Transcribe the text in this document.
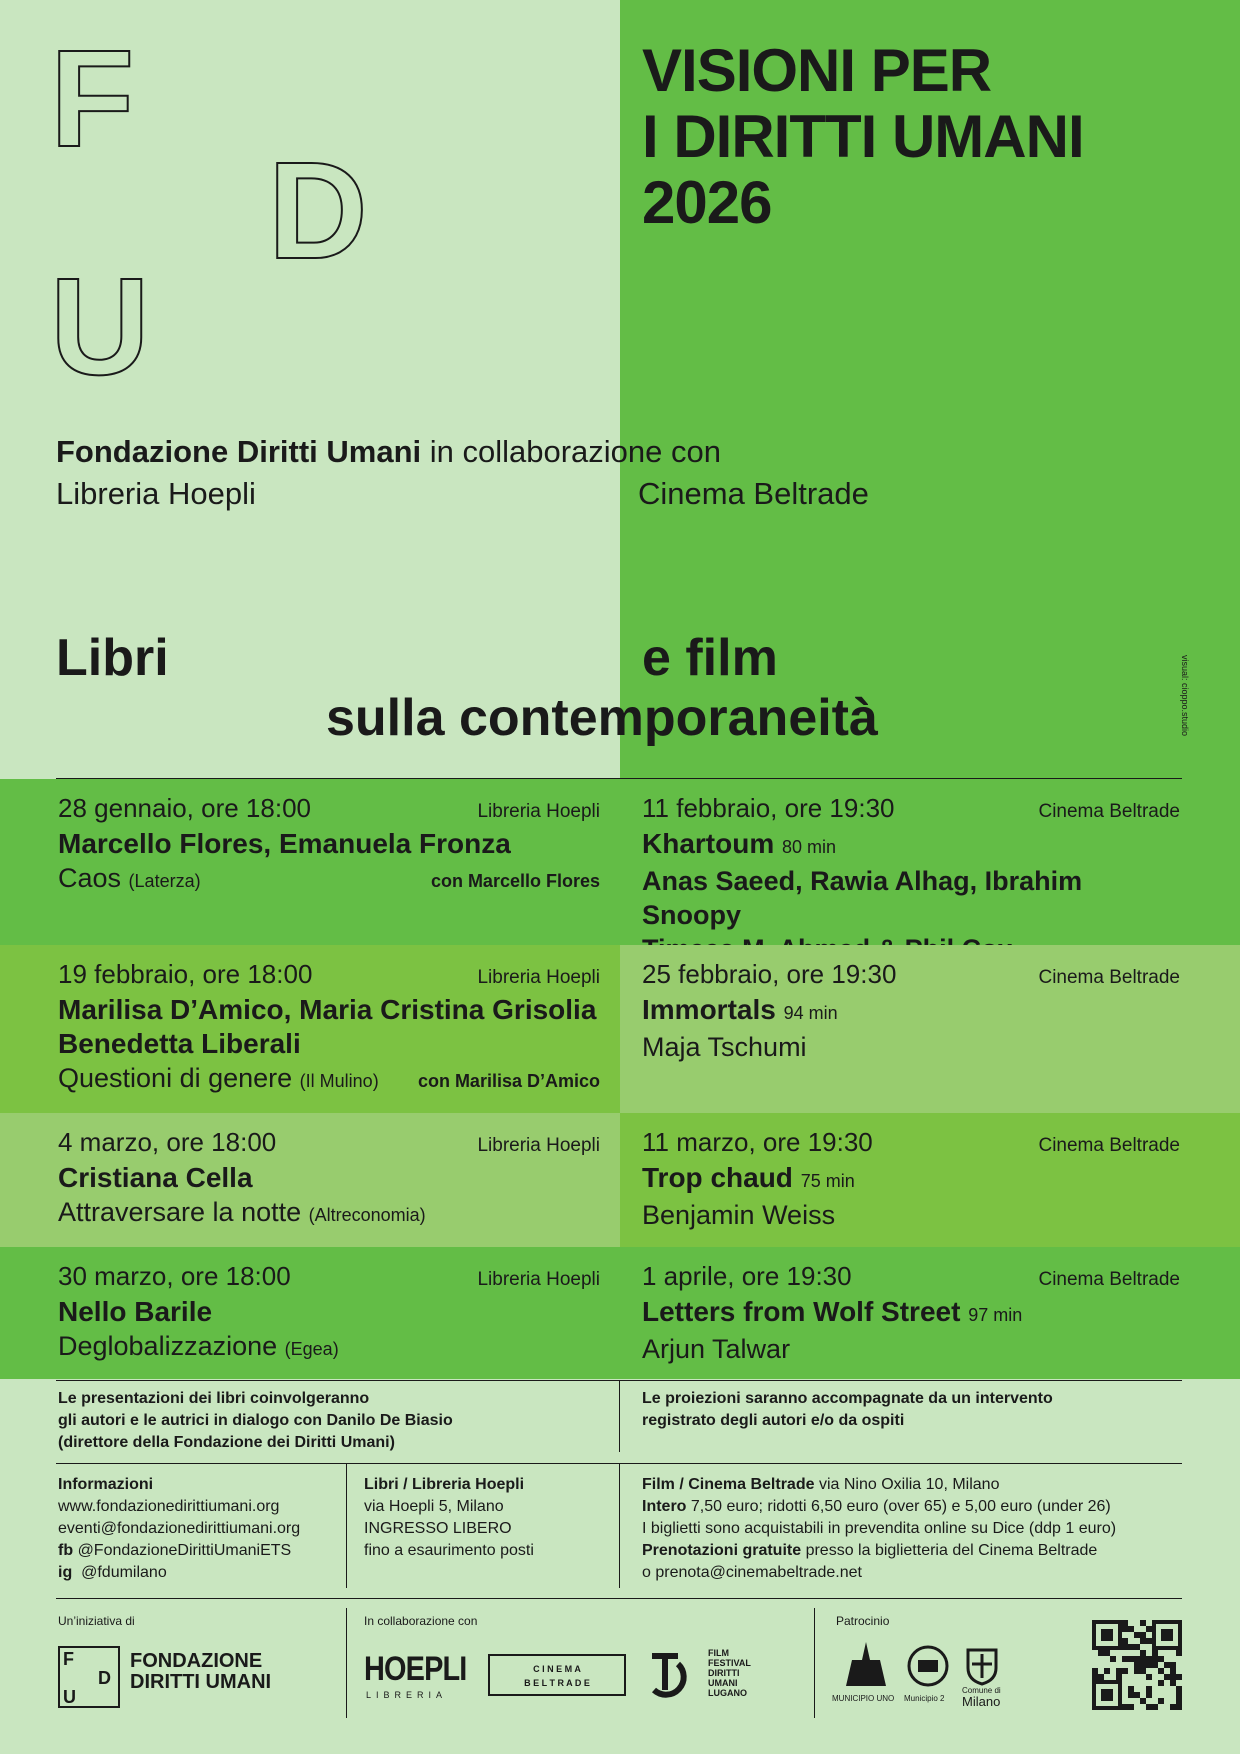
F
D
U
VISIONI PER
I DIRITTI UMANI
2026
Fondazione Diritti Umani in collaborazione con
Libreria Hoepli	Cinema Beltrade
Libri	e film
sulla contemporaneità	visual: cioppo.studio
28 gennaio, ore 18:00	Libreria Hoepli
Marcello Flores, Emanuela Fronza
Caos (Laterza)	con Marcello Flores
11 febbraio, ore 19:30	Cinema Beltrade
Khartoum 80 min
Anas Saeed, Rawia Alhag, Ibrahim Snoopy
19 febbraio, ore 18:00	Libreria Hoepli
Marilisa D’Amico, Maria Cristina Grisolia
Benedetta Liberali
Questioni di genere (Il Mulino) con Marilisa D’Amico
25 febbraio, ore 19:30	Cinema Beltrade
Immortals 94 min
Maja Tschumi
4 marzo, ore 18:00	Libreria Hoepli
Cristiana Cella
Attraversare la notte (Altreconomia)
11 marzo, ore 19:30	Cinema Beltrade
Trop chaud 75 min
Benjamin Weiss
30 marzo, ore 18:00	Libreria Hoepli
Nello Barile
Deglobalizzazione (Egea)
1 aprile, ore 19:30	Cinema Beltrade
Letters from Wolf Street 97 min
Arjun Talwar
Le presentazioni dei libri coinvolgeranno
gli autori e le autrici in dialogo con Danilo De Biasio
(direttore della Fondazione dei Diritti Umani)
Le proiezioni saranno accompagnate da un intervento
registrato degli autori e/o da ospiti
Informazioni
www.fondazionedirittiumani.org
eventi@fondazionedirittiumani.org
fb @FondazioneDirittiUmaniETS
ig @fdumilano
Libri / Libreria Hoepli
via Hoepli 5, Milano
INGRESSO LIBERO
fino a esaurimento posti
Film / Cinema Beltrade via Nino Oxilia 10, Milano
Intero 7,50 euro; ridotti 6,50 euro (over 65) e 5,00 euro (under 26)
I biglietti sono acquistabili in prevendita online su Dice (ddp 1 euro)
Prenotazioni gratuite presso la biglietteria del Cinema Beltrade
o prenota@cinemabeltrade.net
Un’iniziativa di
F
D
U
FONDAZIONE
DIRITTI UMANI
In collaborazione con
HOEPLI
LIBRERIA
C I N E M A
B E L T R A D E
FILM
FESTIVAL
DIRITTI
UMANI
LUGANO
Patrocinio
MUNICIPIO UNO Municipio 2
Comune di
Milano
